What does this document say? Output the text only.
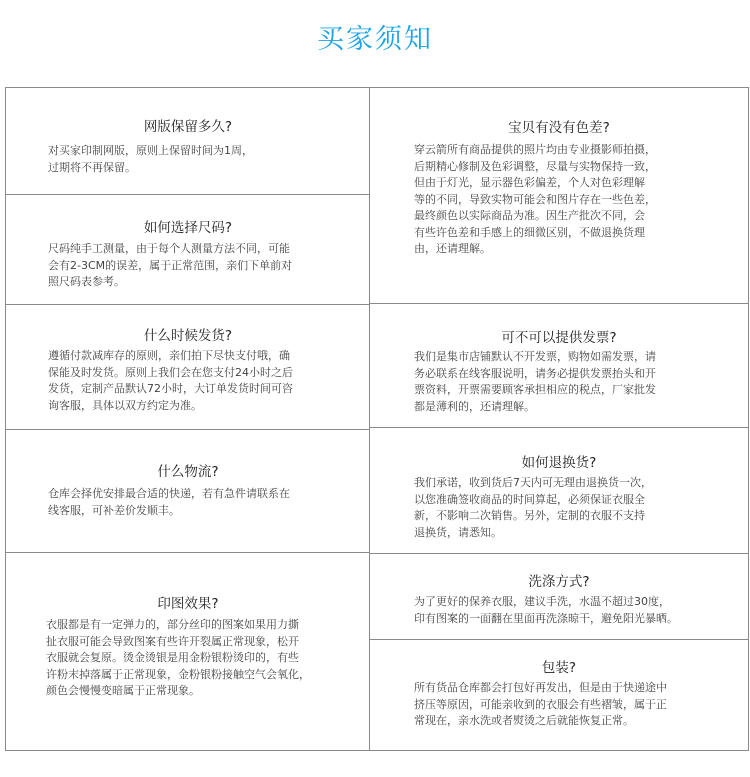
买家须知
网版保留多久?
对买家印制网版，原则上保留时间为1周，
过期将不再保留。
如何选择尺码?
尺码纯手工测量，由于每个人测量方法不同，可能
会有2-3CM的误差，属于正常范围，亲们下单前对
照尺码表参考。
什么时候发货?
遵循付款减库存的原则，亲们拍下尽快支付哦，确
保能及时发货。原则上我们会在您支付24小时之后
发货，定制产品默认72小时，大订单发货时间可咨
询客服，具体以双方约定为准。
什么物流?
仓库会择优安排最合适的快递，若有急件请联系在
线客服，可补差价发顺丰。
印图效果?
衣服都是有一定弹力的，部分丝印的图案如果用力撕
扯衣服可能会导致图案有些许开裂属正常现象，松开
衣服就会复原。烫金烫银是用金粉银粉烫印的，有些
许粉末掉落属于正常现象，金粉银粉接触空气会氧化，
颜色会慢慢变暗属于正常现象。
宝贝有没有色差?
穿云箭所有商品提供的照片均由专业摄影师拍摄，
后期精心修制及色彩调整，尽量与实物保持一致，
但由于灯光，显示器色彩偏差，个人对色彩理解
等的不同，导致实物可能会和图片存在一些色差，
最终颜色以实际商品为准。因生产批次不同，会
有些许色差和手感上的细微区别，不做退换货理
由，还请理解。
可不可以提供发票?
我们是集市店铺默认不开发票，购物如需发票，请
务必联系在线客服说明，请务必提供发票抬头和开
票资料，开票需要顾客承担相应的税点，厂家批发
都是薄利的，还请理解。
如何退换货?
我们承诺，收到货后7天内可无理由退换货一次，
以您准确签收商品的时间算起，必须保证衣服全
新，不影响二次销售。另外，定制的衣服不支持
退换货，请悉知。
洗涤方式?
为了更好的保养衣服，建议手洗，水温不超过30度，
印有图案的一面翻在里面再洗涤晾干，避免阳光暴晒。
包装?
所有货品仓库都会打包好再发出，但是由于快递途中
挤压等原因，可能亲收到的衣服会有些褶皱，属于正
常现在，亲水洗或者熨烫之后就能恢复正常。
